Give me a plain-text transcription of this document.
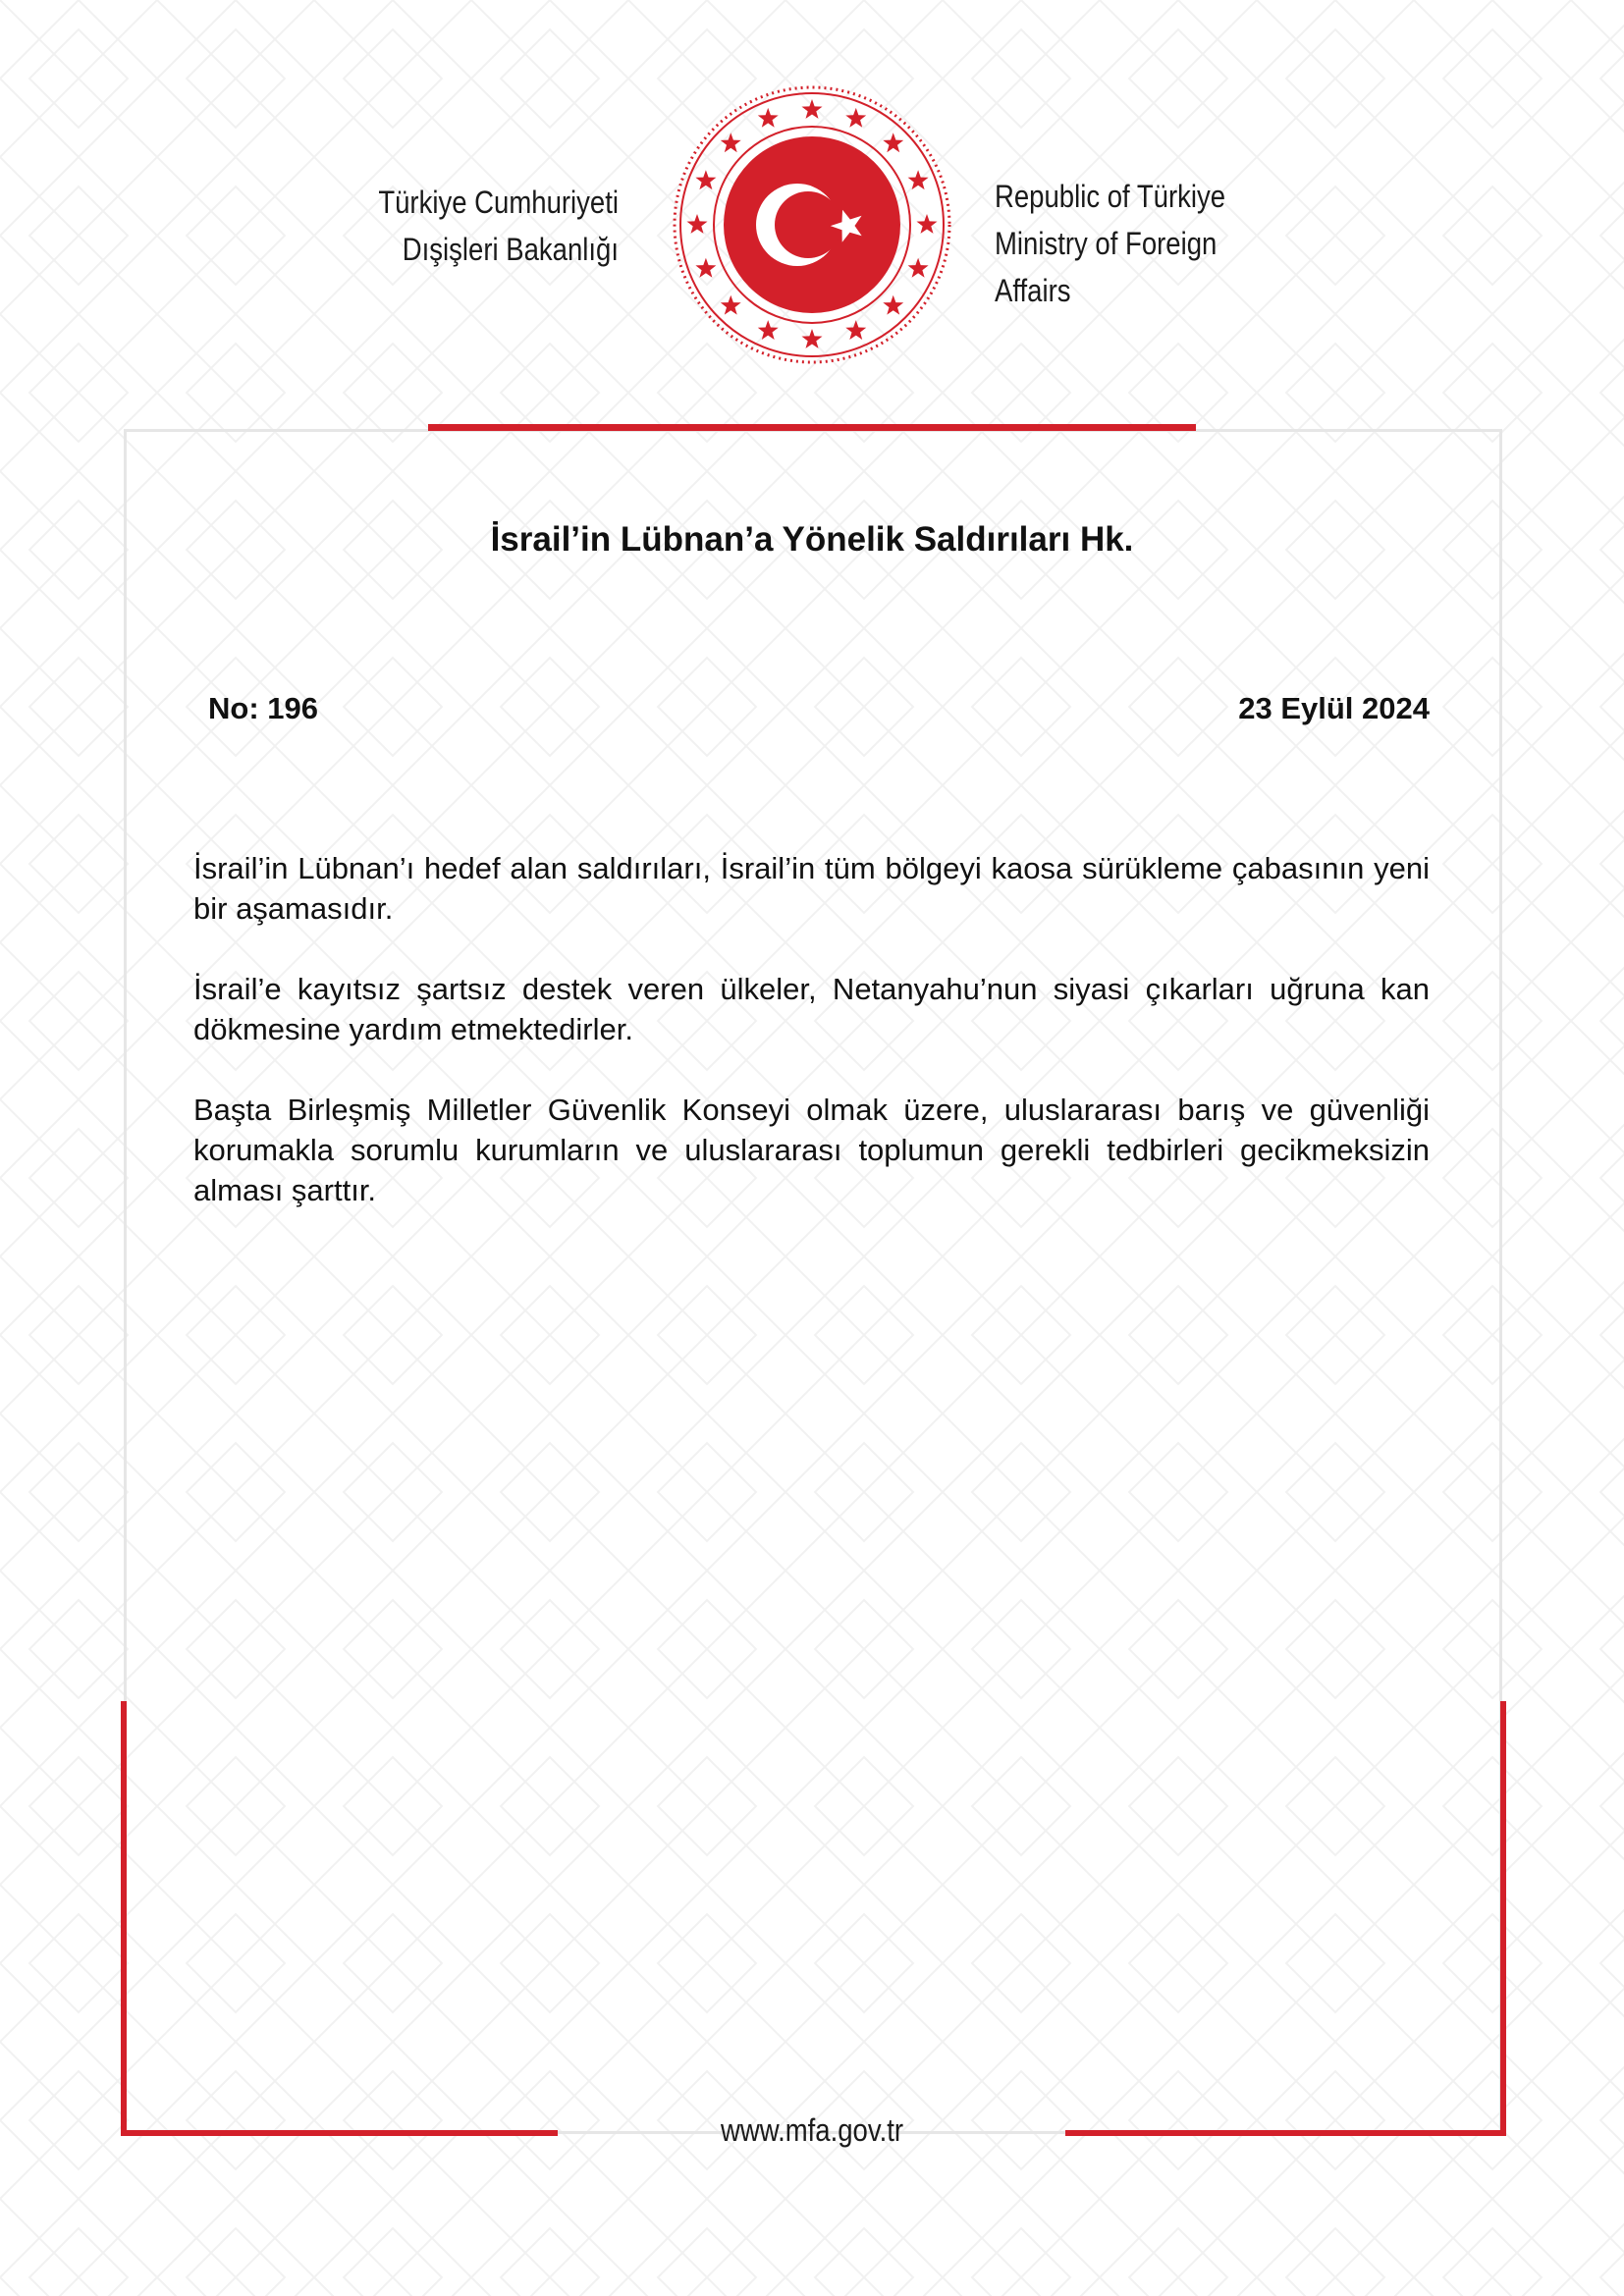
Türkiye Cumhuriyeti
Dışişleri Bakanlığı
Republic of Türkiye
Ministry of Foreign Affairs
İsrail’in Lübnan’a Yönelik Saldırıları Hk.
No: 196	23 Eylül 2024

İsrail’in Lübnan’ı hedef alan saldırıları, İsrail’in tüm bölgeyi kaosa sürükleme çabasının yeni bir aşamasıdır.

İsrail’e kayıtsız şartsız destek veren ülkeler, Netanyahu’nun siyasi çıkarları uğruna kan dökmesine yardım etmektedirler.

Başta Birleşmiş Milletler Güvenlik Konseyi olmak üzere, uluslararası barış ve güvenliği korumakla sorumlu kurumların ve uluslararası toplumun gerekli tedbirleri gecikmeksizin alması şarttır.

www.mfa.gov.tr
